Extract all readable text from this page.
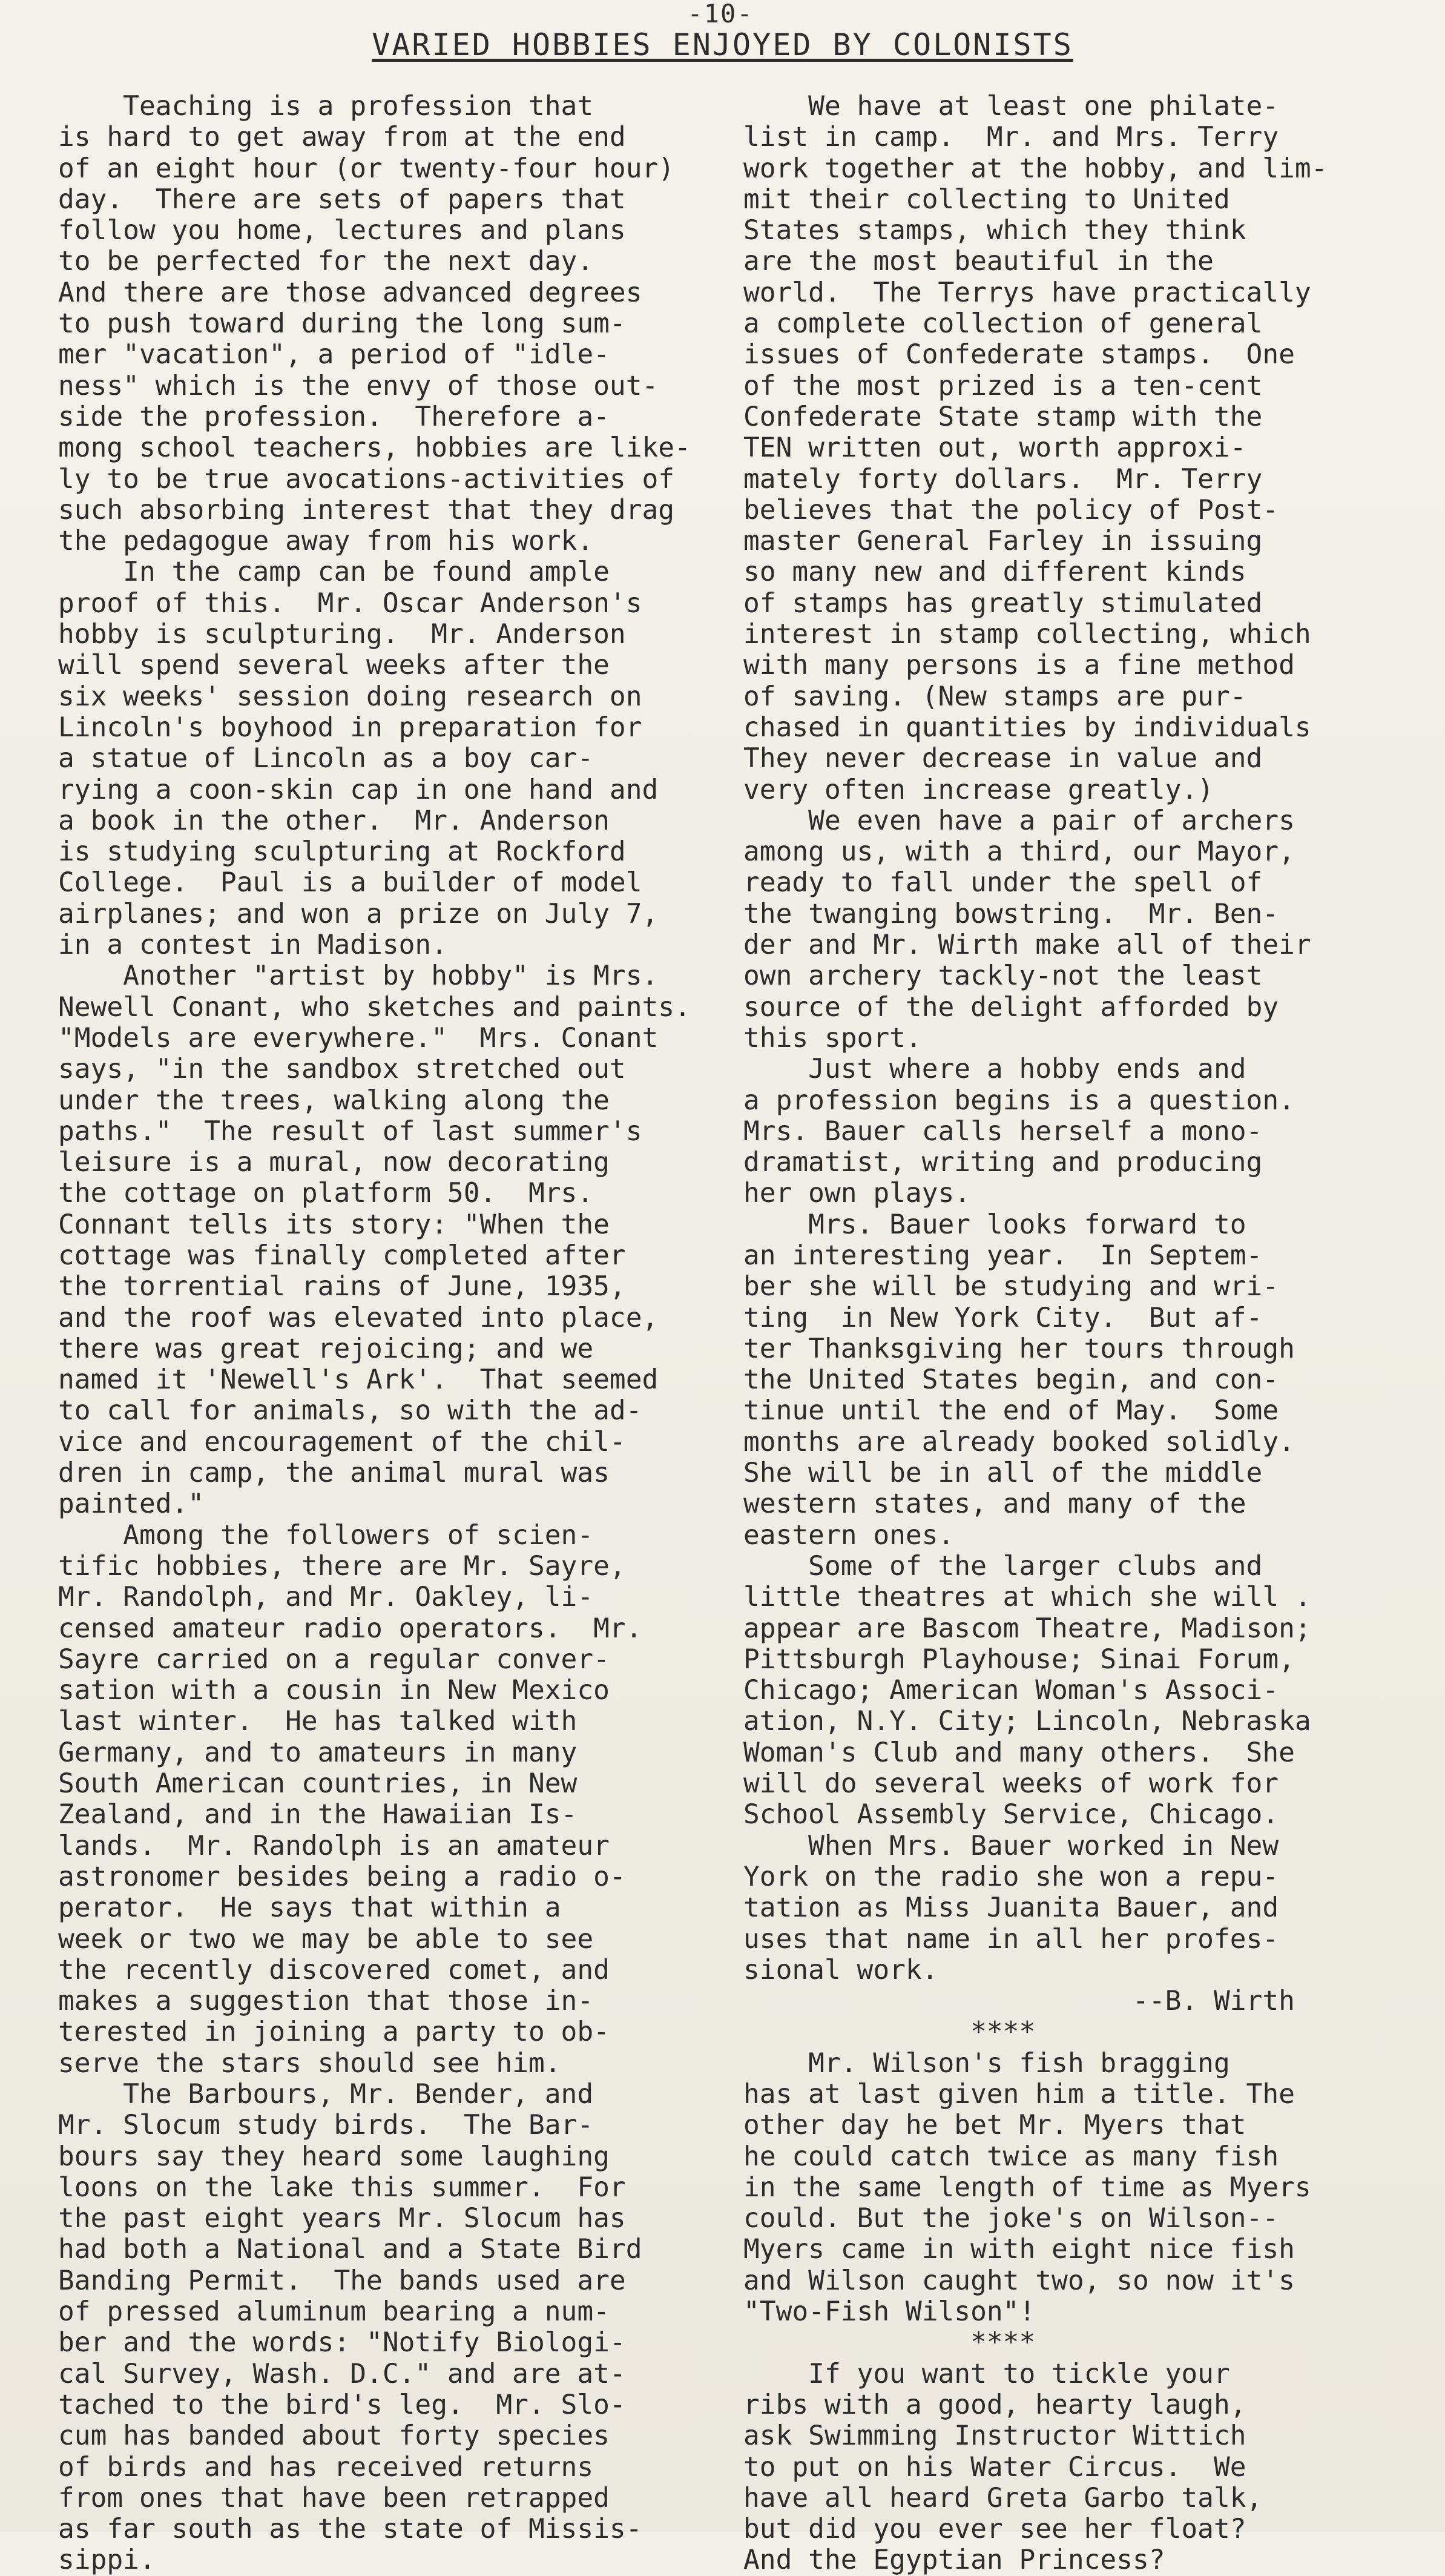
-10-
VARIED HOBBIES ENJOYED BY COLONISTS
Teaching is a profession that
is hard to get away from at the end
of an eight hour (or twenty-four hour)
day.  There are sets of papers that
follow you home, lectures and plans
to be perfected for the next day.
And there are those advanced degrees
to push toward during the long sum-
mer "vacation", a period of "idle-
ness" which is the envy of those out-
side the profession.  Therefore a-
mong school teachers, hobbies are like-
ly to be true avocations-activities of
such absorbing interest that they drag
the pedagogue away from his work.
In the camp can be found ample
proof of this.  Mr. Oscar Anderson's
hobby is sculpturing.  Mr. Anderson
will spend several weeks after the
six weeks' session doing research on
Lincoln's boyhood in preparation for
a statue of Lincoln as a boy car-
rying a coon-skin cap in one hand and
a book in the other.  Mr. Anderson
is studying sculpturing at Rockford
College.  Paul is a builder of model
airplanes; and won a prize on July 7,
in a contest in Madison.
Another "artist by hobby" is Mrs.
Newell Conant, who sketches and paints.
"Models are everywhere."  Mrs. Conant
says, "in the sandbox stretched out
under the trees, walking along the
paths."  The result of last summer's
leisure is a mural, now decorating
the cottage on platform 50.  Mrs.
Connant tells its story: "When the
cottage was finally completed after
the torrential rains of June, 1935,
and the roof was elevated into place,
there was great rejoicing; and we
named it 'Newell's Ark'.  That seemed
to call for animals, so with the ad-
vice and encouragement of the chil-
dren in camp, the animal mural was
painted."
Among the followers of scien-
tific hobbies, there are Mr. Sayre,
Mr. Randolph, and Mr. Oakley, li-
censed amateur radio operators.  Mr.
Sayre carried on a regular conver-
sation with a cousin in New Mexico
last winter.  He has talked with
Germany, and to amateurs in many
South American countries, in New
Zealand, and in the Hawaiian Is-
lands.  Mr. Randolph is an amateur
astronomer besides being a radio o-
perator.  He says that within a
week or two we may be able to see
the recently discovered comet, and
makes a suggestion that those in-
terested in joining a party to ob-
serve the stars should see him.
The Barbours, Mr. Bender, and
Mr. Slocum study birds.  The Bar-
bours say they heard some laughing
loons on the lake this summer.  For
the past eight years Mr. Slocum has
had both a National and a State Bird
Banding Permit.  The bands used are
of pressed aluminum bearing a num-
ber and the words: "Notify Biologi-
cal Survey, Wash. D.C." and are at-
tached to the bird's leg.  Mr. Slo-
cum has banded about forty species
of birds and has received returns
from ones that have been retrapped
as far south as the state of Missis-
sippi.
We have at least one philate-
list in camp.  Mr. and Mrs. Terry
work together at the hobby, and lim-
mit their collecting to United
States stamps, which they think
are the most beautiful in the
world.  The Terrys have practically
a complete collection of general
issues of Confederate stamps.  One
of the most prized is a ten-cent
Confederate State stamp with the
TEN written out, worth approxi-
mately forty dollars.  Mr. Terry
believes that the policy of Post-
master General Farley in issuing
so many new and different kinds
of stamps has greatly stimulated
interest in stamp collecting, which
with many persons is a fine method
of saving. (New stamps are pur-
chased in quantities by individuals
They never decrease in value and
very often increase greatly.)
We even have a pair of archers
among us, with a third, our Mayor,
ready to fall under the spell of
the twanging bowstring.  Mr. Ben-
der and Mr. Wirth make all of their
own archery tackly-not the least
source of the delight afforded by
this sport.
Just where a hobby ends and
a profession begins is a question.
Mrs. Bauer calls herself a mono-
dramatist, writing and producing
her own plays.
Mrs. Bauer looks forward to
an interesting year.  In Septem-
ber she will be studying and wri-
ting  in New York City.  But af-
ter Thanksgiving her tours through
the United States begin, and con-
tinue until the end of May.  Some
months are already booked solidly.
She will be in all of the middle
western states, and many of the
eastern ones.
Some of the larger clubs and
little theatres at which she will .
appear are Bascom Theatre, Madison;
Pittsburgh Playhouse; Sinai Forum,
Chicago; American Woman's Associ-
ation, N.Y. City; Lincoln, Nebraska
Woman's Club and many others.  She
will do several weeks of work for
School Assembly Service, Chicago.
When Mrs. Bauer worked in New
York on the radio she won a repu-
tation as Miss Juanita Bauer, and
uses that name in all her profes-
sional work.
--B. Wirth
****
Mr. Wilson's fish bragging
has at last given him a title. The
other day he bet Mr. Myers that
he could catch twice as many fish
in the same length of time as Myers
could. But the joke's on Wilson--
Myers came in with eight nice fish
and Wilson caught two, so now it's
"Two-Fish Wilson"!
****
If you want to tickle your
ribs with a good, hearty laugh,
ask Swimming Instructor Wittich
to put on his Water Circus.  We
have all heard Greta Garbo talk,
but did you ever see her float?
And the Egyptian Princess?
